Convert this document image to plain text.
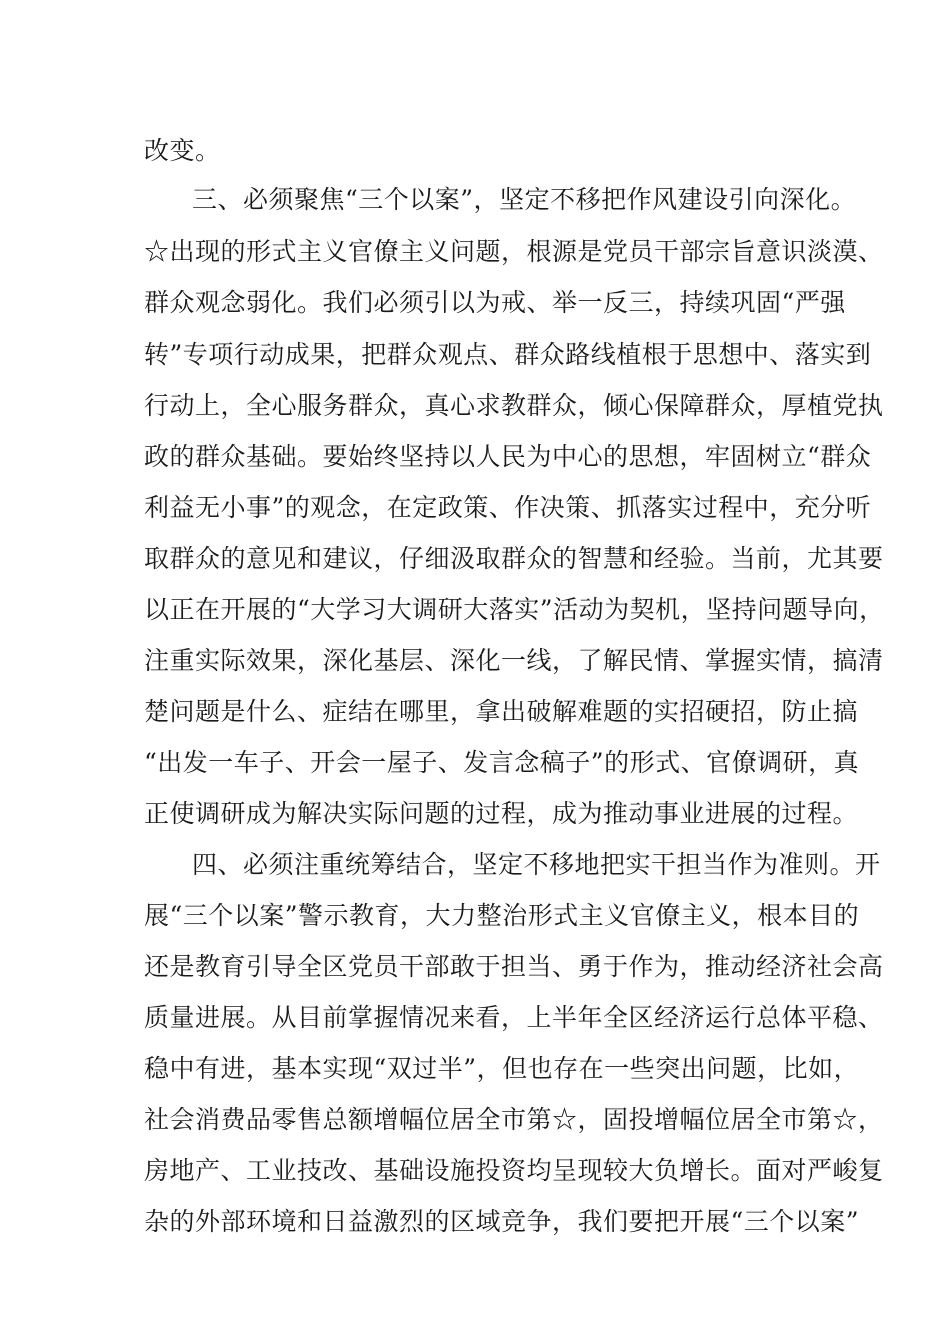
改变。
三、必须聚焦“三个以案”，坚定不移把作风建设引向深化。
☆出现的形式主义官僚主义问题，根源是党员干部宗旨意识淡漠、
群众观念弱化。我们必须引以为戒、举一反三，持续巩固“严强
转”专项行动成果，把群众观点、群众路线植根于思想中、落实到
行动上，全心服务群众，真心求教群众，倾心保障群众，厚植党执
政的群众基础。要始终坚持以人民为中心的思想，牢固树立“群众
利益无小事”的观念，在定政策、作决策、抓落实过程中，充分听
取群众的意见和建议，仔细汲取群众的智慧和经验。当前，尤其要
以正在开展的“大学习大调研大落实”活动为契机，坚持问题导向，
注重实际效果，深化基层、深化一线，了解民情、掌握实情，搞清
楚问题是什么、症结在哪里，拿出破解难题的实招硬招，防止搞
“出发一车子、开会一屋子、发言念稿子”的形式、官僚调研，真
正使调研成为解决实际问题的过程，成为推动事业进展的过程。
四、必须注重统筹结合，坚定不移地把实干担当作为准则。开
展“三个以案”警示教育，大力整治形式主义官僚主义，根本目的
还是教育引导全区党员干部敢于担当、勇于作为，推动经济社会高
质量进展。从目前掌握情况来看，上半年全区经济运行总体平稳、
稳中有进，基本实现“双过半”，但也存在一些突出问题，比如，
社会消费品零售总额增幅位居全市第☆，固投增幅位居全市第☆，
房地产、工业技改、基础设施投资均呈现较大负增长。面对严峻复
杂的外部环境和日益激烈的区域竞争，我们要把开展“三个以案”
